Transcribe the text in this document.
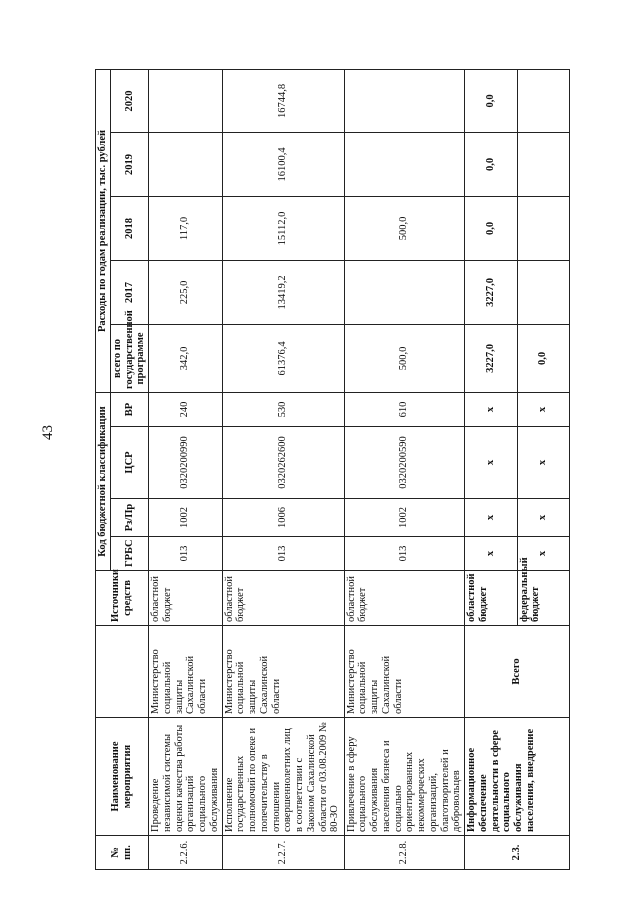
43
№ пп.	Наименование мероприятия		Источники средств	Код бюджетной классификации				Расходы по годам реализации, тыс. рублей				
				ГРБС	Рз/Пр	ЦСР	ВР	всего по государственной программе	2017	2018	2019	2020
2.2.6.	Проведение независимой системы оценки качества работы организаций социального обслуживания	Министерство социальной защиты Сахалинской области	областной бюджет	013	1002	0320200990	240	342,0	225,0	117,0		
2.2.7.	Исполнение государственных полномочий по опеке и попечительству в отношении совершеннолетних лиц в соответствии с Законом Сахалинской области от 03.08.2009 № 80-ЗО	Министерство социальной защиты Сахалинской области	областной бюджет	013	1006	0320262600	530	61376,4	13419,2	15112,0	16100,4	16744,8
2.2.8.	Привлечение в сферу социального обслуживания населения бизнеса и социально ориентированных некоммерческих организаций, благотворителей и добровольцев	Министерство социальной защиты Сахалинской области	областной бюджет	013	1002	0320200590	610	500,0		500,0		
2.3.	Информационное обеспечение деятельности в сфере социального обслуживания населения, внедрение	Всего	областной бюджет	х	х	х	х	3227,0	3227,0	0,0	0,0	0,0
			федеральный бюджет	х	х	х	х	0,0				
